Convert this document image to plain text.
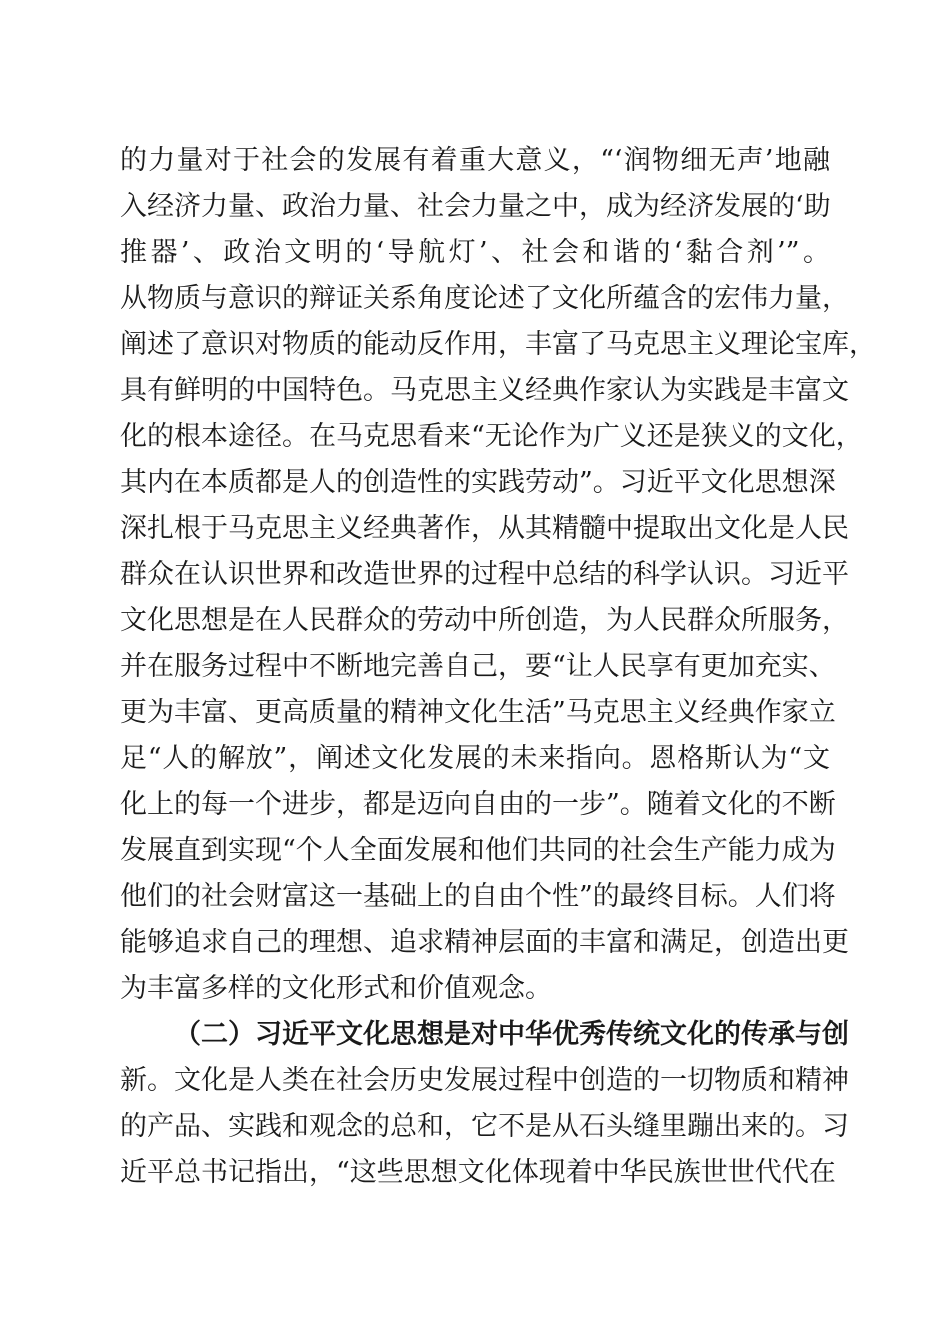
的力量对于社会的发展有着重大意义，“‘润物细无声’地融
入经济力量、政治力量、社会力量之中，成为经济发展的‘助
推器’、政治文明的‘导航灯’、社会和谐的‘黏合剂’”。
从物质与意识的辩证关系角度论述了文化所蕴含的宏伟力量，
阐述了意识对物质的能动反作用，丰富了马克思主义理论宝库，
具有鲜明的中国特色。马克思主义经典作家认为实践是丰富文
化的根本途径。在马克思看来“无论作为广义还是狭义的文化，
其内在本质都是人的创造性的实践劳动”。习近平文化思想深
深扎根于马克思主义经典著作，从其精髓中提取出文化是人民
群众在认识世界和改造世界的过程中总结的科学认识。习近平
文化思想是在人民群众的劳动中所创造，为人民群众所服务，
并在服务过程中不断地完善自己，要“让人民享有更加充实、
更为丰富、更高质量的精神文化生活”马克思主义经典作家立
足“人的解放”，阐述文化发展的未来指向。恩格斯认为“文
化上的每一个进步，都是迈向自由的一步”。随着文化的不断
发展直到实现“个人全面发展和他们共同的社会生产能力成为
他们的社会财富这一基础上的自由个性”的最终目标。人们将
能够追求自己的理想、追求精神层面的丰富和满足，创造出更
为丰富多样的文化形式和价值观念。
（二）习近平文化思想是对中华优秀传统文化的传承与创
新。文化是人类在社会历史发展过程中创造的一切物质和精神
的产品、实践和观念的总和，它不是从石头缝里蹦出来的。习
近平总书记指出，“这些思想文化体现着中华民族世世代代在
